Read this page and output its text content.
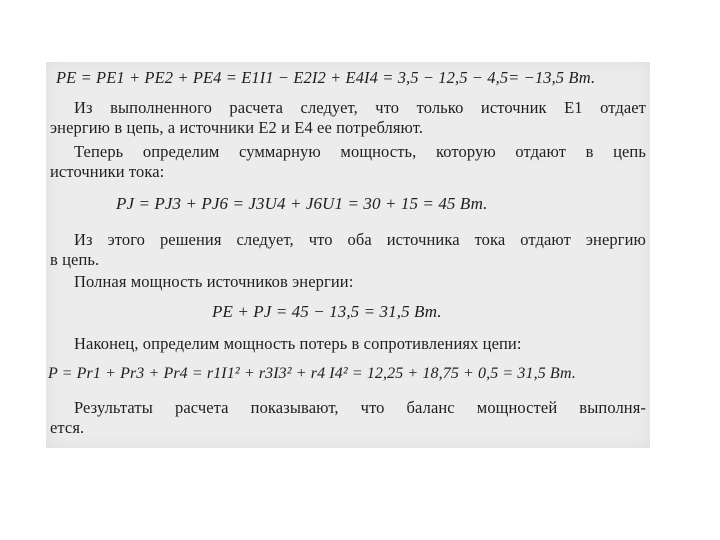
PE = PE1 + PE2 + PE4 = E1I1 − E2I2 + E4I4 = 3,5 − 12,5 − 4,5= −13,5 Вт.
Из выполненного расчета следует, что только источник E1 отдает
энергию в цепь, а источники E2 и E4 ее потребляют.
Теперь определим суммарную мощность, которую отдают в цепь
источники тока:
PJ = PJ3 + PJ6 = J3U4 + J6U1 = 30 + 15 = 45 Вт.
Из этого решения следует, что оба источника тока отдают энергию
в цепь.
Полная мощность источников энергии:
PE + PJ = 45 − 13,5 = 31,5 Вт.
Наконец, определим мощность потерь в сопротивлениях цепи:
P = Pr1 + Pr3 + Pr4 = r1I1² + r3I3² + r4 I4² = 12,25 + 18,75 + 0,5 = 31,5 Вт.
Результаты расчета показывают, что баланс мощностей выполня-
ется.
